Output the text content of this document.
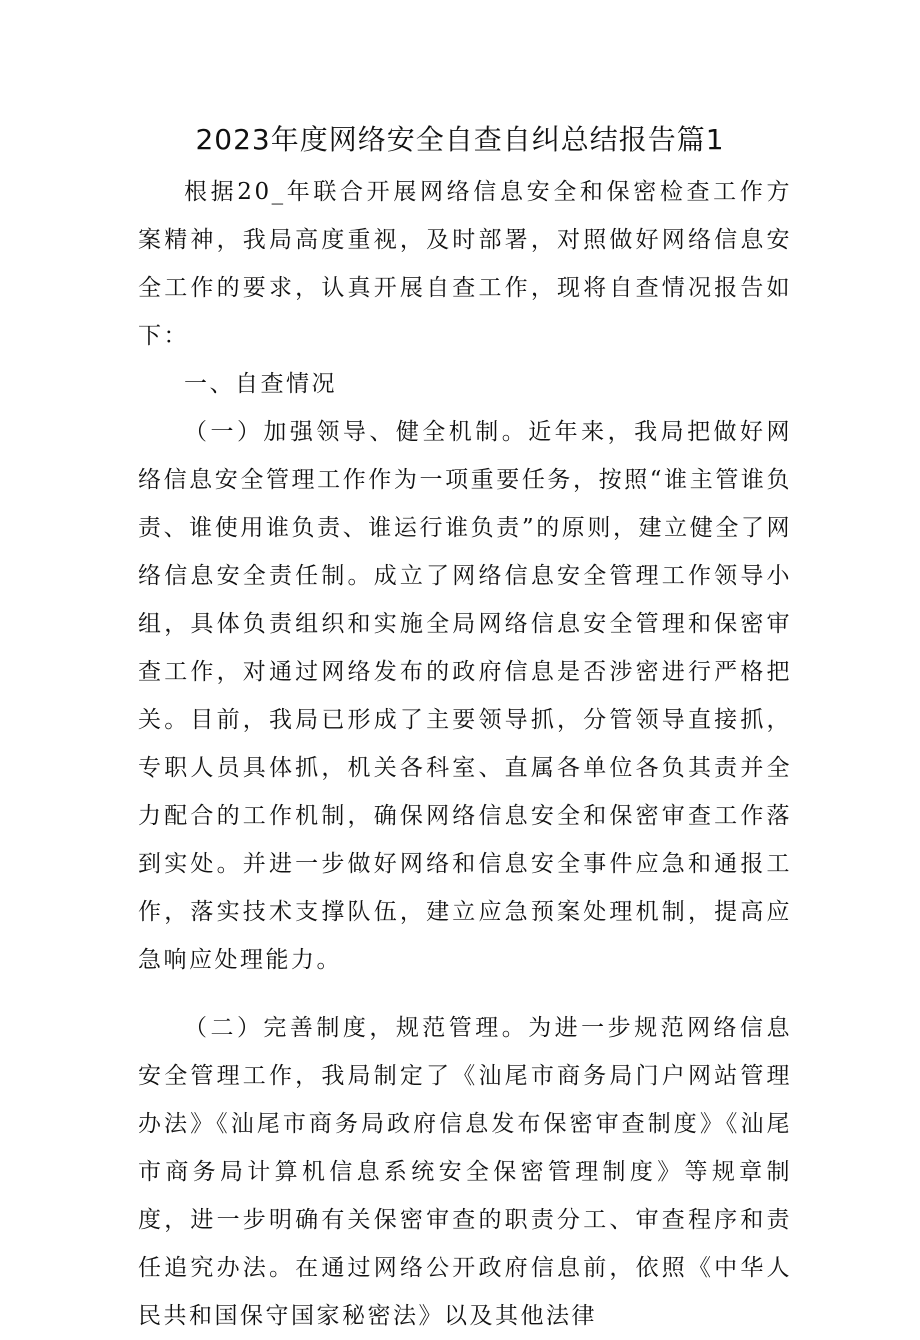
2023年度网络安全自查自纠总结报告篇1

根据20_年联合开展网络信息安全和保密检查工作方案精神，我局高度重视，及时部署，对照做好网络信息安全工作的要求，认真开展自查工作，现将自查情况报告如下：

一、自查情况

（一）加强领导、健全机制。近年来，我局把做好网络信息安全管理工作作为一项重要任务，按照“谁主管谁负责、谁使用谁负责、谁运行谁负责”的原则，建立健全了网络信息安全责任制。成立了网络信息安全管理工作领导小组，具体负责组织和实施全局网络信息安全管理和保密审查工作，对通过网络发布的政府信息是否涉密进行严格把关。目前，我局已形成了主要领导抓，分管领导直接抓，专职人员具体抓，机关各科室、直属各单位各负其责并全力配合的工作机制，确保网络信息安全和保密审查工作落到实处。并进一步做好网络和信息安全事件应急和通报工作，落实技术支撑队伍，建立应急预案处理机制，提高应急响应处理能力。

（二）完善制度，规范管理。为进一步规范网络信息安全管理工作，我局制定了《汕尾市商务局门户网站管理办法》《汕尾市商务局政府信息发布保密审查制度》《汕尾市商务局计算机信息系统安全保密管理制度》等规章制度，进一步明确有关保密审查的职责分工、审查程序和责任追究办法。在通过网络公开政府信息前，依照《中华人民共和国保守国家秘密法》以及其他法律
